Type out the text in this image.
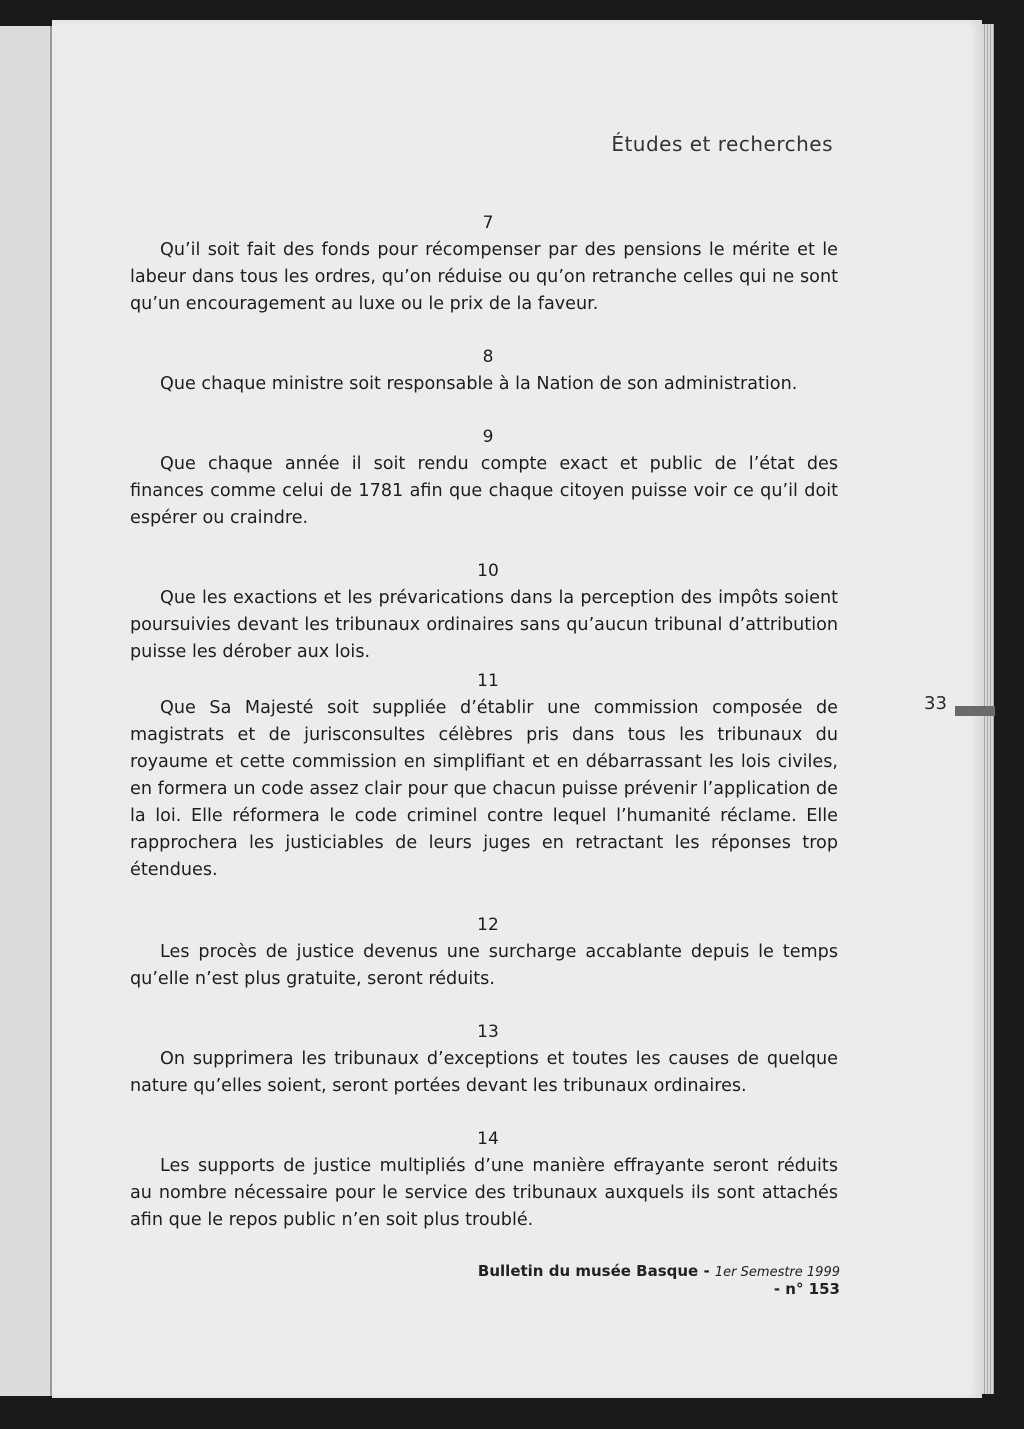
33
Études et recherches
7

Qu’il soit fait des fonds pour récompenser par des pensions le mérite et le labeur dans tous les ordres, qu’on réduise ou qu’on retranche celles qui ne sont qu’un encouragement au luxe ou le prix de la faveur.

8

Que chaque ministre soit responsable à la Nation de son administration.

9

Que chaque année il soit rendu compte exact et public de l’état des finances comme celui de 1781 afin que chaque citoyen puisse voir ce qu’il doit espérer ou craindre.

10

Que les exactions et les prévarications dans la perception des impôts soient poursuivies devant les tribunaux ordinaires sans qu’aucun tribunal d’attribution puisse les dérober aux lois.

11

Que Sa Majesté soit suppliée d’établir une commission composée de magistrats et de jurisconsultes célèbres pris dans tous les tribunaux du royaume et cette commission en simplifiant et en débarrassant les lois civiles, en formera un code assez clair pour que chacun puisse prévenir l’application de la loi. Elle réformera le code criminel contre lequel l’humanité réclame. Elle rapprochera les justiciables de leurs juges en retractant les réponses trop étendues.

12

Les procès de justice devenus une surcharge accablante depuis le temps qu’elle n’est plus gratuite, seront réduits.

13

On supprimera les tribunaux d’exceptions et toutes les causes de quelque nature qu’elles soient, seront portées devant les tribunaux ordinaires.

14

Les supports de justice multipliés d’une manière effrayante seront réduits au nombre nécessaire pour le service des tribunaux auxquels ils sont attachés afin que le repos public n’en soit plus troublé.

Bulletin du musée Basque - 1er Semestre 1999 - n° 153
